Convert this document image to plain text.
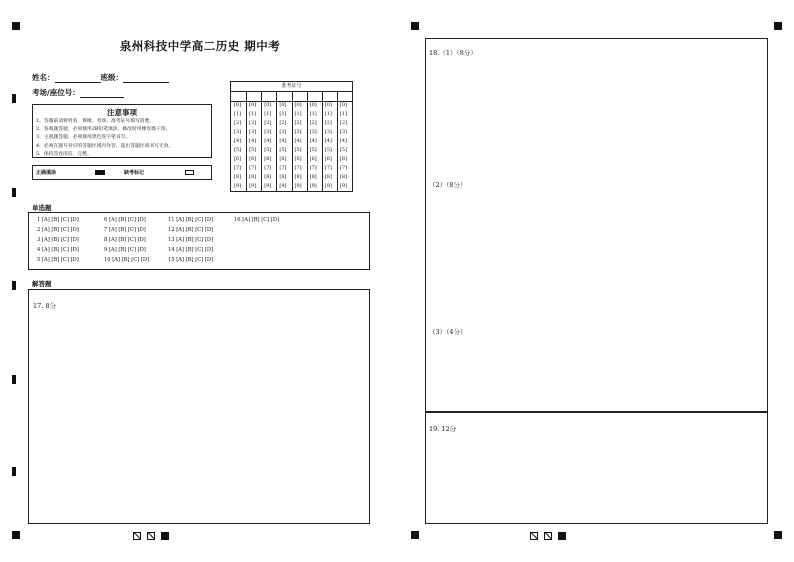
泉州科技中学高二历史 期中考
姓名：	班级：
考场/座位号：
注意事项
1、答题前请将姓名、班级、考场、准考证号填写清楚。
2、客观题答题，必须使用2B铅笔填涂，修改时用橡皮擦干净。
3、主观题答题，必须使用黑色签字笔书写。
4、必须在题号对应的答题区域内作答，超出答题区域书写无效。
5、保持答卷清洁、完整。
正确填涂	缺考标记
准考证号
[0]
[1]
[2]
[3]
[4]
[5]
[6]
[7]
[8]
[9]
[0]
[1]
[2]
[3]
[4]
[5]
[6]
[7]
[8]
[9]
[0]
[1]
[2]
[3]
[4]
[5]
[6]
[7]
[8]
[9]
[0]
[1]
[2]
[3]
[4]
[5]
[6]
[7]
[8]
[9]
[0]
[1]
[2]
[3]
[4]
[5]
[6]
[7]
[8]
[9]
[0]
[1]
[2]
[3]
[4]
[5]
[6]
[7]
[8]
[9]
[0]
[1]
[2]
[3]
[4]
[5]
[6]
[7]
[8]
[9]
[0]
[1]
[2]
[3]
[4]
[5]
[6]
[7]
[8]
[9]
单选题
1 [A] [B] [C] [D]
2 [A] [B] [C] [D]
3 [A] [B] [C] [D]
4 [A] [B] [C] [D]
5 [A] [B] [C] [D]
6 [A] [B] [C] [D]
7 [A] [B] [C] [D]
8 [A] [B] [C] [D]
9 [A] [B] [C] [D]
10 [A] [B] [C] [D]
11 [A] [B] [C] [D]
12 [A] [B] [C] [D]
13 [A] [B] [C] [D]
14 [A] [B] [C] [D]
15 [A] [B] [C] [D]
16 [A] [B] [C] [D]
解答题
17. 8分
18.（1）（8分）
（2）（8分）
（3）（4分）
19. 12分
